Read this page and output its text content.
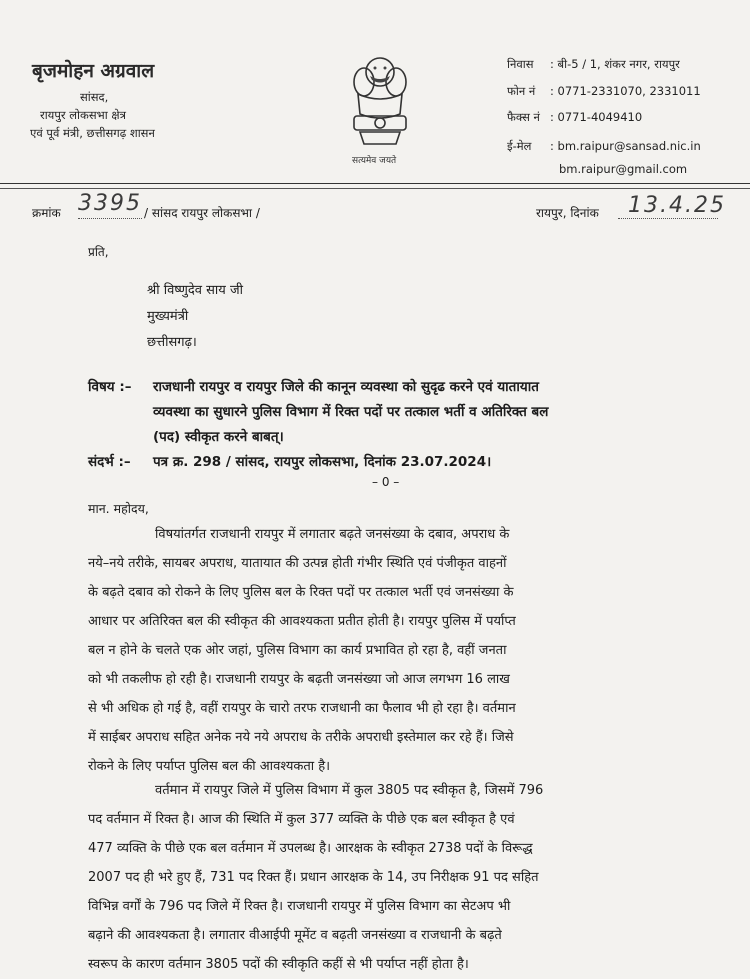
बृजमोहन अग्रवाल
सांसद,
रायपुर लोकसभा क्षेत्र
एवं पूर्व मंत्री, छत्तीसगढ़ शासन
सत्यमेव जयते
निवास : बी-5 / 1, शंकर नगर, रायपुर
फोन नं : 0771-2331070, 2331011
फैक्स नं : 0771-4049410
ई-मेल : bm.raipur@sansad.nic.in
bm.raipur@gmail.com
क्रमांक 3395 / सांसद रायपुर लोकसभा /	रायपुर, दिनांक 13.4.25
प्रति,
श्री विष्णुदेव साय जी
मुख्यमंत्री
छत्तीसगढ़।
विषय :– राजधानी रायपुर व रायपुर जिले की कानून व्यवस्था को सुदृढ करने एवं यातायात
व्यवस्था का सुधारने पुलिस विभाग में रिक्त पदों पर तत्काल भर्ती व अतिरिक्त बल
(पद) स्वीकृत करने बाबत्।
संदर्भ :– पत्र क्र. 298 / सांसद, रायपुर लोकसभा, दिनांक 23.07.2024।
– 0 –
मान. महोदय,
विषयांतर्गत राजधानी रायपुर में लगातार बढ़ते जनसंख्या के दबाव, अपराध के
नये–नये तरीके, सायबर अपराध, यातायात की उत्पन्न होती गंभीर स्थिति एवं पंजीकृत वाहनों
के बढ़ते दबाव को रोकने के लिए पुलिस बल के रिक्त पदों पर तत्काल भर्ती एवं जनसंख्या के
आधार पर अतिरिक्त बल की स्वीकृत की आवश्यकता प्रतीत होती है। रायपुर पुलिस में पर्याप्त
बल न होने के चलते एक ओर जहां, पुलिस विभाग का कार्य प्रभावित हो रहा है, वहीं जनता
को भी तकलीफ हो रही है। राजधानी रायपुर के बढ़ती जनसंख्या जो आज लगभग 16 लाख
से भी अधिक हो गई है, वहीं रायपुर के चारो तरफ राजधानी का फैलाव भी हो रहा है। वर्तमान
में साईबर अपराध सहित अनेक नये नये अपराध के तरीके अपराधी इस्तेमाल कर रहे हैं। जिसे
रोकने के लिए पर्याप्त पुलिस बल की आवश्यकता है।
वर्तमान में रायपुर जिले में पुलिस विभाग में कुल 3805 पद स्वीकृत है, जिसमें 796
पद वर्तमान में रिक्त है। आज की स्थिति में कुल 377 व्यक्ति के पीछे एक बल स्वीकृत है एवं
477 व्यक्ति के पीछे एक बल वर्तमान में उपलब्ध है। आरक्षक के स्वीकृत 2738 पदों के विरूद्ध
2007 पद ही भरे हुए हैं, 731 पद रिक्त हैं। प्रधान आरक्षक के 14, उप निरीक्षक 91 पद सहित
विभिन्न वर्गों के 796 पद जिले में रिक्त है। राजधानी रायपुर में पुलिस विभाग का सेटअप भी
बढ़ाने की आवश्यकता है। लगातार वीआईपी मूमेंट व बढ़ती जनसंख्या व राजधानी के बढ़ते
स्वरूप के कारण वर्तमान 3805 पदों की स्वीकृति कहीं से भी पर्याप्त नहीं होता है।
